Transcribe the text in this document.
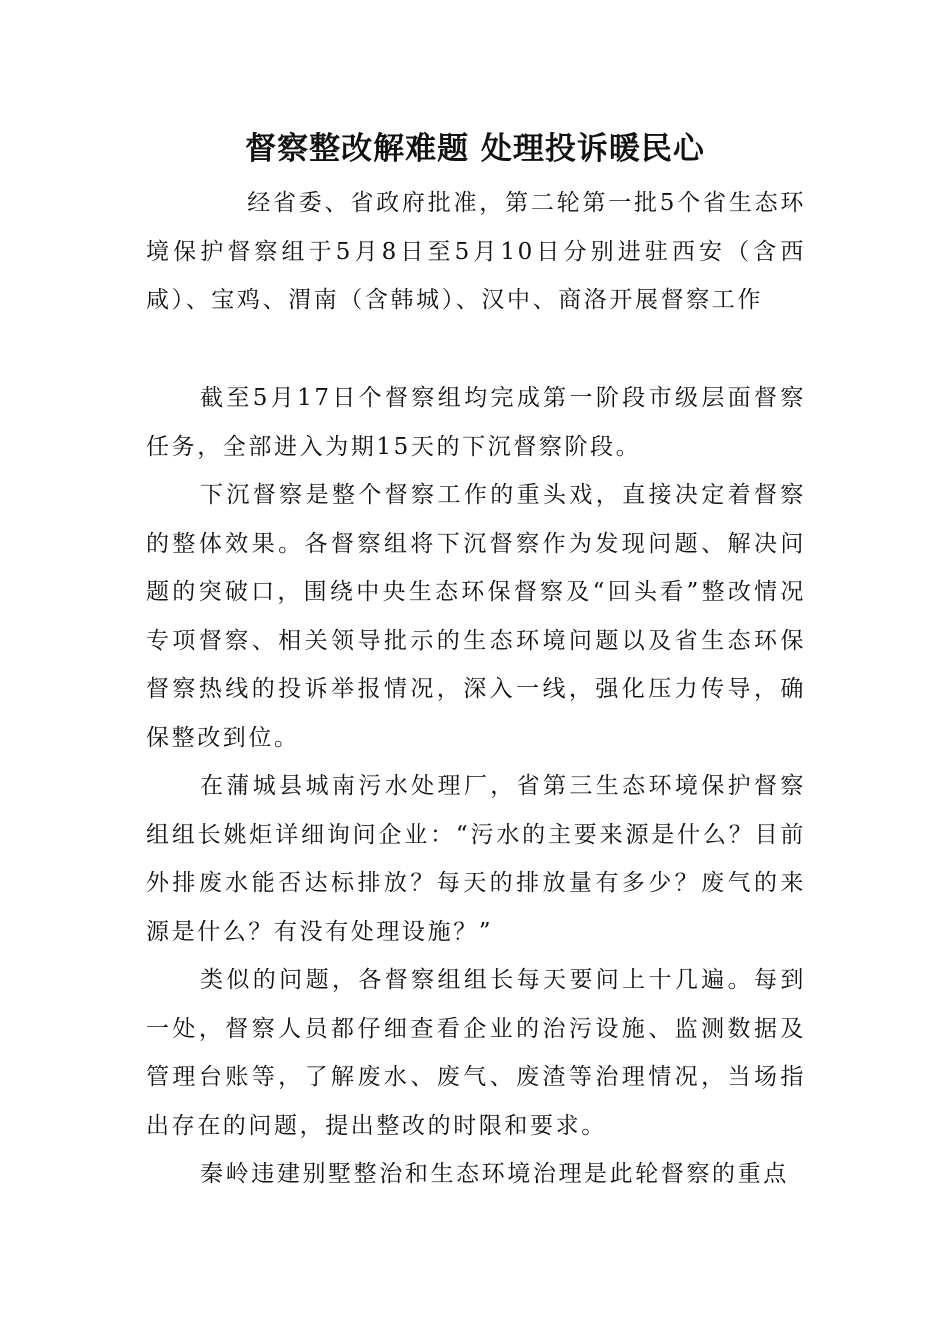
督察整改解难题 处理投诉暖民心

经省委、省政府批准，第二轮第一批5个省生态环境保护督察组于5月8日至5月10日分别进驻西安（含西咸）、宝鸡、渭南（含韩城）、汉中、商洛开展督察工作

截至5月17日个督察组均完成第一阶段市级层面督察任务，全部进入为期15天的下沉督察阶段。

下沉督察是整个督察工作的重头戏，直接决定着督察的整体效果。各督察组将下沉督察作为发现问题、解决问题的突破口，围绕中央生态环保督察及“回头看”整改情况专项督察、相关领导批示的生态环境问题以及省生态环保督察热线的投诉举报情况，深入一线，强化压力传导，确保整改到位。

在蒲城县城南污水处理厂，省第三生态环境保护督察组组长姚炬详细询问企业：“污水的主要来源是什么？目前外排废水能否达标排放？每天的排放量有多少？废气的来源是什么？有没有处理设施？”

类似的问题，各督察组组长每天要问上十几遍。每到一处，督察人员都仔细查看企业的治污设施、监测数据及管理台账等，了解废水、废气、废渣等治理情况，当场指出存在的问题，提出整改的时限和要求。

秦岭违建别墅整治和生态环境治理是此轮督察的重点
